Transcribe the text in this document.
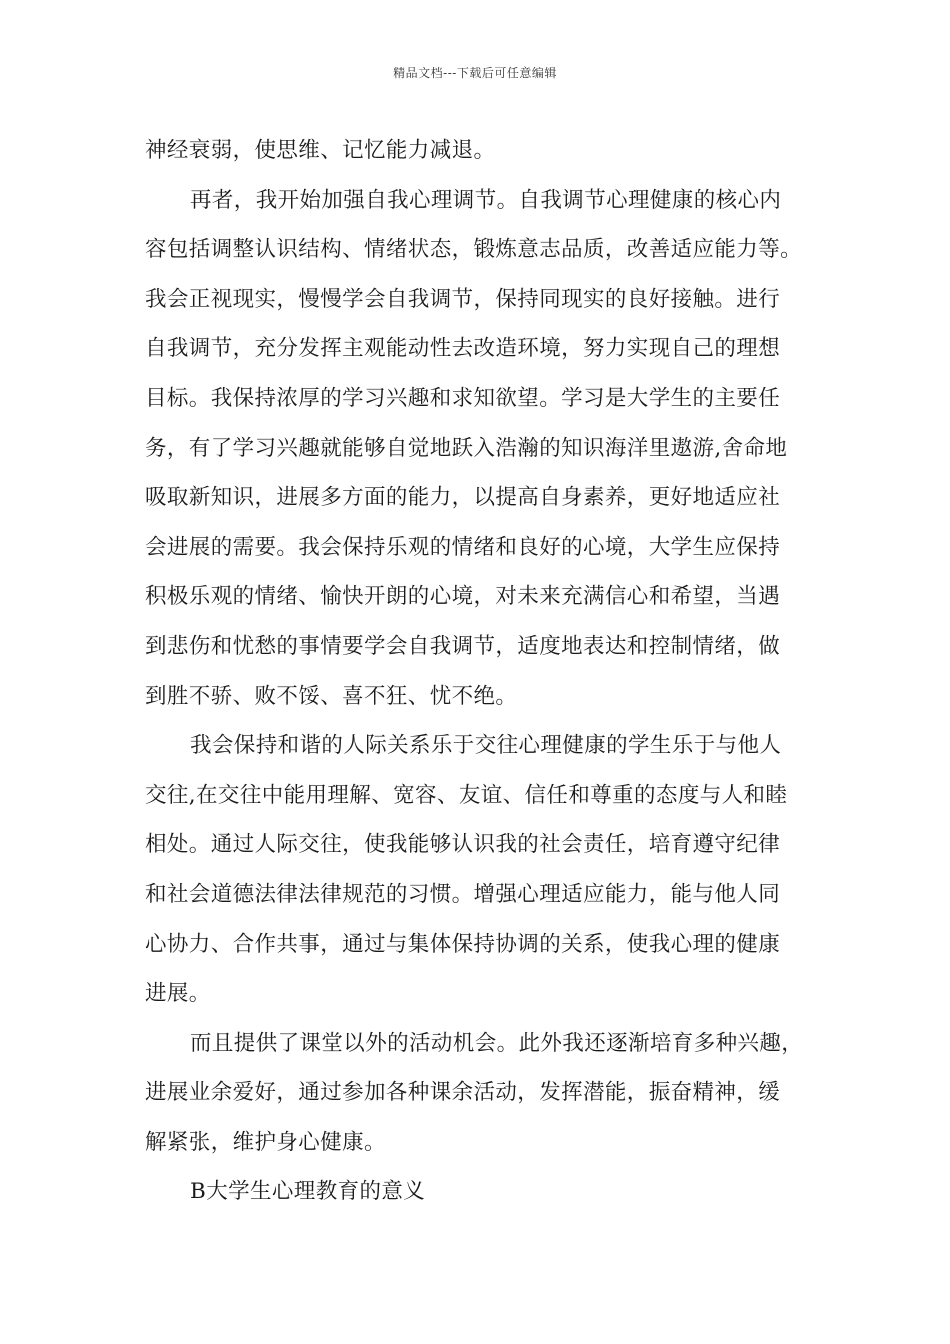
精品文档---下载后可任意编辑
神经衰弱，使思维、记忆能力减退。
再者，我开始加强自我心理调节。自我调节心理健康的核心内
容包括调整认识结构、情绪状态，锻炼意志品质，改善适应能力等。
我会正视现实，慢慢学会自我调节，保持同现实的良好接触。进行
自我调节，充分发挥主观能动性去改造环境，努力实现自己的理想
目标。我保持浓厚的学习兴趣和求知欲望。学习是大学生的主要任
务，有了学习兴趣就能够自觉地跃入浩瀚的知识海洋里遨游,舍命地
吸取新知识，进展多方面的能力，以提高自身素养，更好地适应社
会进展的需要。我会保持乐观的情绪和良好的心境，大学生应保持
积极乐观的情绪、愉快开朗的心境，对未来充满信心和希望，当遇
到悲伤和忧愁的事情要学会自我调节，适度地表达和控制情绪，做
到胜不骄、败不馁、喜不狂、忧不绝。
我会保持和谐的人际关系乐于交往心理健康的学生乐于与他人
交往,在交往中能用理解、宽容、友谊、信任和尊重的态度与人和睦
相处。通过人际交往，使我能够认识我的社会责任，培育遵守纪律
和社会道德法律法律规范的习惯。增强心理适应能力，能与他人同
心协力、合作共事，通过与集体保持协调的关系，使我心理的健康
进展。
而且提供了课堂以外的活动机会。此外我还逐渐培育多种兴趣，
进展业余爱好，通过参加各种课余活动，发挥潜能，振奋精神，缓
解紧张，维护身心健康。
B大学生心理教育的意义
